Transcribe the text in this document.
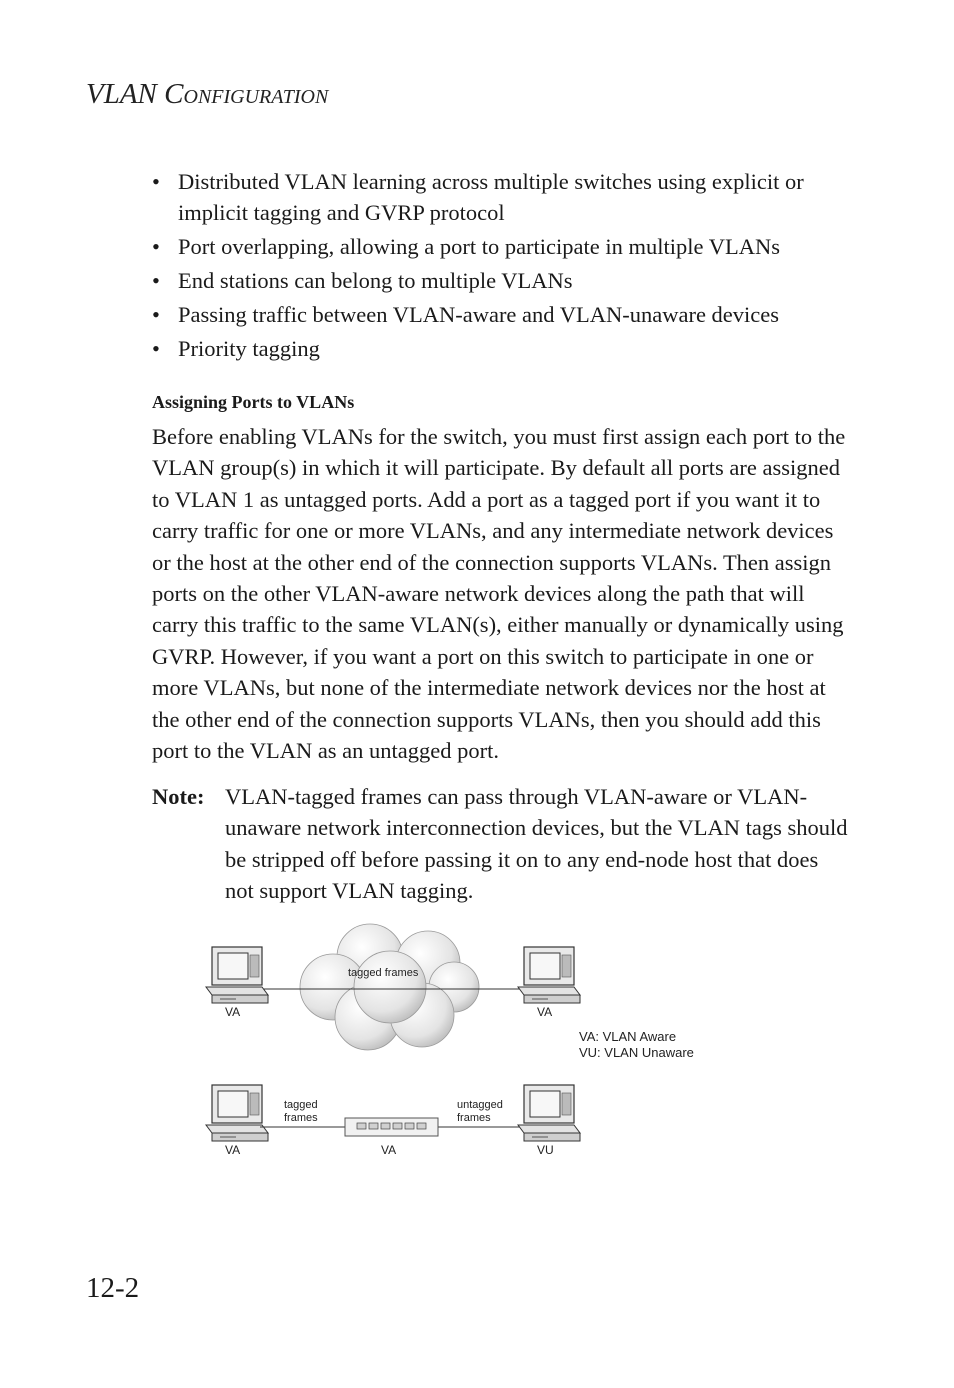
VLAN CONFIGURATION
• Distributed VLAN learning across multiple switches using explicit or implicit tagging and GVRP protocol
• Port overlapping, allowing a port to participate in multiple VLANs
• End stations can belong to multiple VLANs
• Passing traffic between VLAN-aware and VLAN-unaware devices
• Priority tagging
Assigning Ports to VLANs

Before enabling VLANs for the switch, you must first assign each port to the VLAN group(s) in which it will participate. By default all ports are assigned to VLAN 1 as untagged ports. Add a port as a tagged port if you want it to carry traffic for one or more VLANs, and any intermediate network devices or the host at the other end of the connection supports VLANs. Then assign ports on the other VLAN-aware network devices along the path that will carry this traffic to the same VLAN(s), either manually or dynamically using GVRP. However, if you want a port on this switch to participate in one or more VLANs, but none of the intermediate network devices nor the host at the other end of the connection supports VLANs, then you should add this port to the VLAN as an untagged port.

Note: VLAN-tagged frames can pass through VLAN-aware or VLAN-unaware network interconnection devices, but the VLAN tags should be stripped off before passing it on to any end-node host that does not support VLAN tagging.
tagged frames
VA	VA
VA: VLAN Aware
VU: VLAN Unaware
tagged
frames
untagged
frames
VA	VA	VU
12-2
